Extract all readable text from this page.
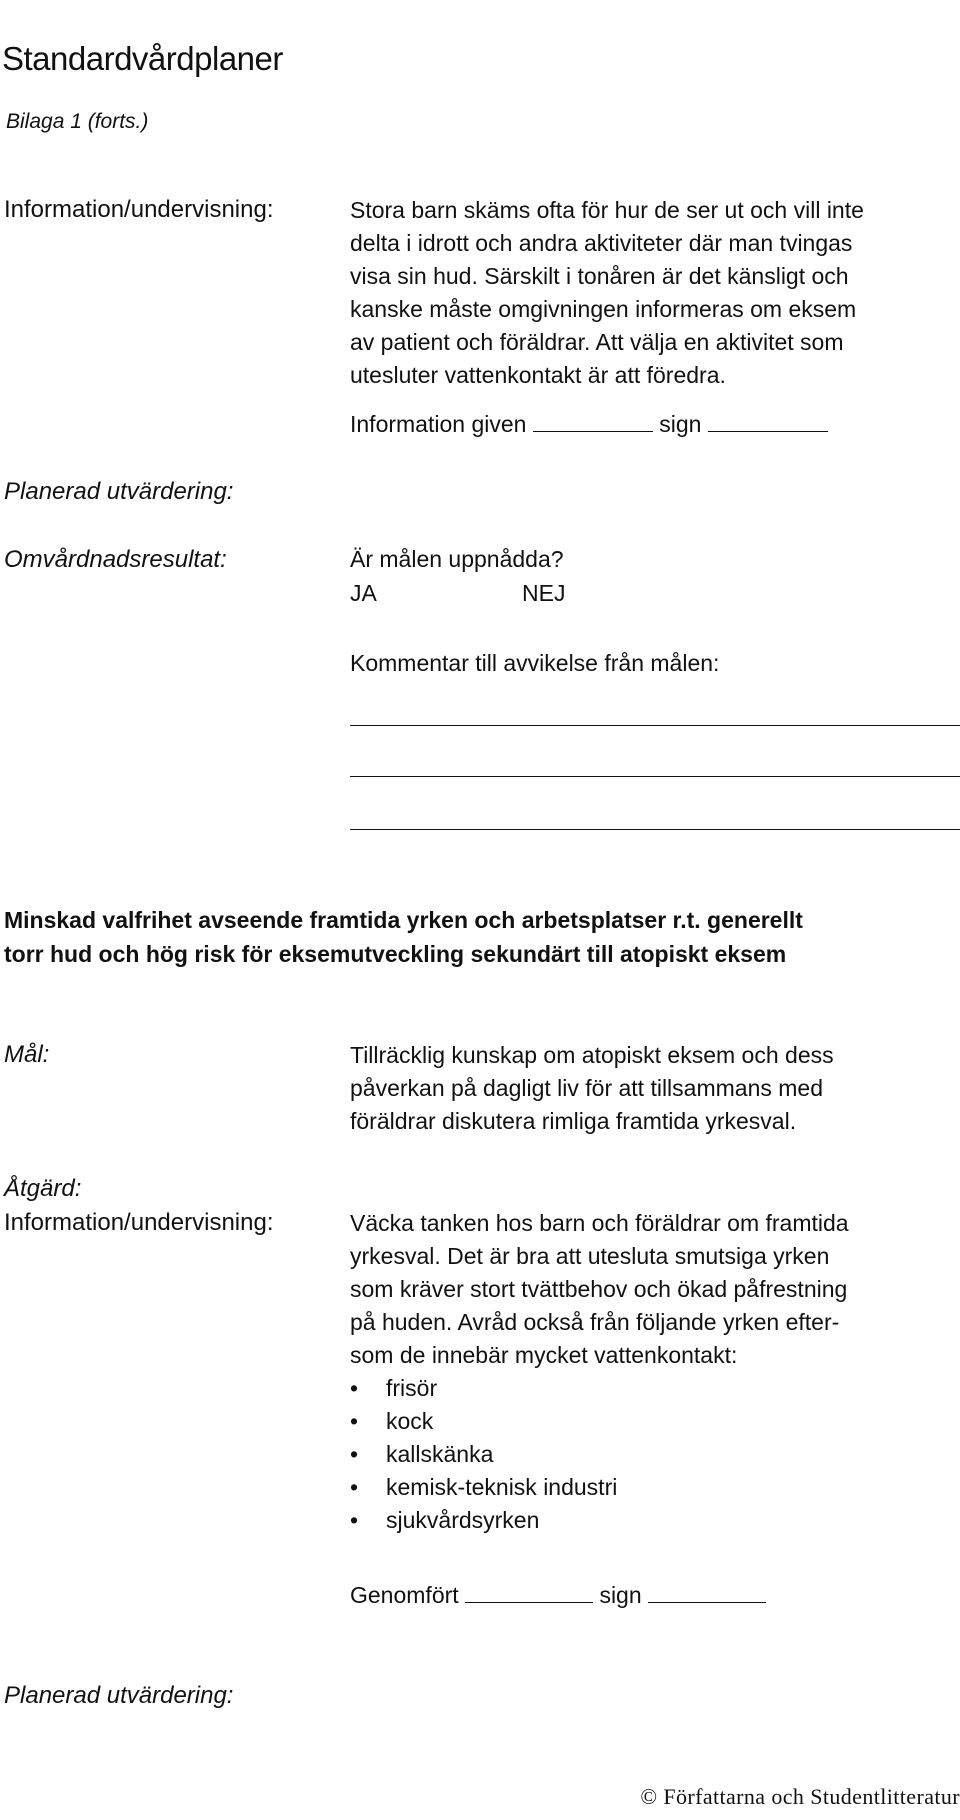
Standardvårdplaner
Bilaga 1 (forts.)
Information/undervisning:	Stora barn skäms ofta för hur de ser ut och vill inte

delta i idrott och andra aktiviteter där man tvingas

visa sin hud. Särskilt i tonåren är det känsligt och

kanske måste omgivningen informeras om eksem

av patient och föräldrar. Att välja en aktivitet som

utesluter vattenkontakt är att föredra.

Information given	sign
Planerad utvärdering:
Omvårdnadsresultat:	Är målen uppnådda?
JA	NEJ
Kommentar till avvikelse från målen:
Minskad valfrihet avseende framtida yrken och arbetsplatser r.t. generellt
torr hud och hög risk för eksemutveckling sekundärt till atopiskt eksem
Mål:	Tillräcklig kunskap om atopiskt eksem och dess

påverkan på dagligt liv för att tillsammans med

föräldrar diskutera rimliga framtida yrkesval.

Åtgärd:
Information/undervisning:	Väcka tanken hos barn och föräldrar om framtida

yrkesval. Det är bra att utesluta smutsiga yrken

som kräver stort tvättbehov och ökad påfrestning

på huden. Avråd också från följande yrken efter-

som de innebär mycket vattenkontakt:

• frisör
• kock
• kallskänka
• kemisk-teknisk industri
• sjukvårdsyrken
Genomfört	sign
Planerad utvärdering:
© Författarna och Studentlitteratur
